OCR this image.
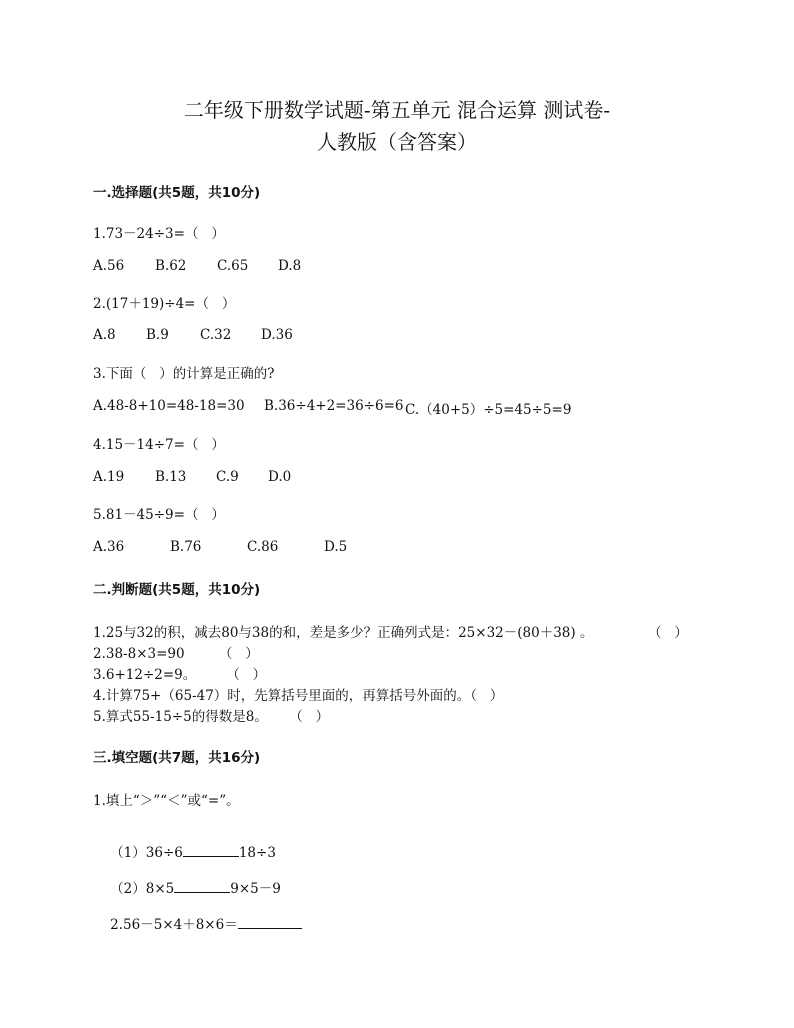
二年级下册数学试题-第五单元 混合运算 测试卷-
人教版（含答案）
一.选择题(共5题，共10分)
1.73－24÷3=（   ）
A.56	B.62	C.65	D.8
2.(17＋19)÷4=（   ）
A.8	B.9	C.32	D.36
3.下面（   ）的计算是正确的?
A.48-8+10=48-18=30	B.36÷4+2=36÷6=6 C.（40+5）÷5=45÷5=9
4.15－14÷7=（   ）
A.19	B.13	C.9	D.0
5.81－45÷9=（   ）
A.36	B.76	C.86	D.5
二.判断题(共5题，共10分)
1.25与32的积，减去80与38的和，差是多少？正确列式是：25×32－(80＋38) 。	（   ）
2.38-8×3=90        （   ）
3.6+12÷2=9。       （   ）
4.计算75+（65-47）时，先算括号里面的，再算括号外面的。（   ）
5.算式55-15÷5的得数是8。     （   ）
三.填空题(共7题，共16分)
1.填上“＞”“＜”或“=”。

（1）36÷6	18÷3

（2）8×5	9×5－9

2.56－5×4＋8×6＝
